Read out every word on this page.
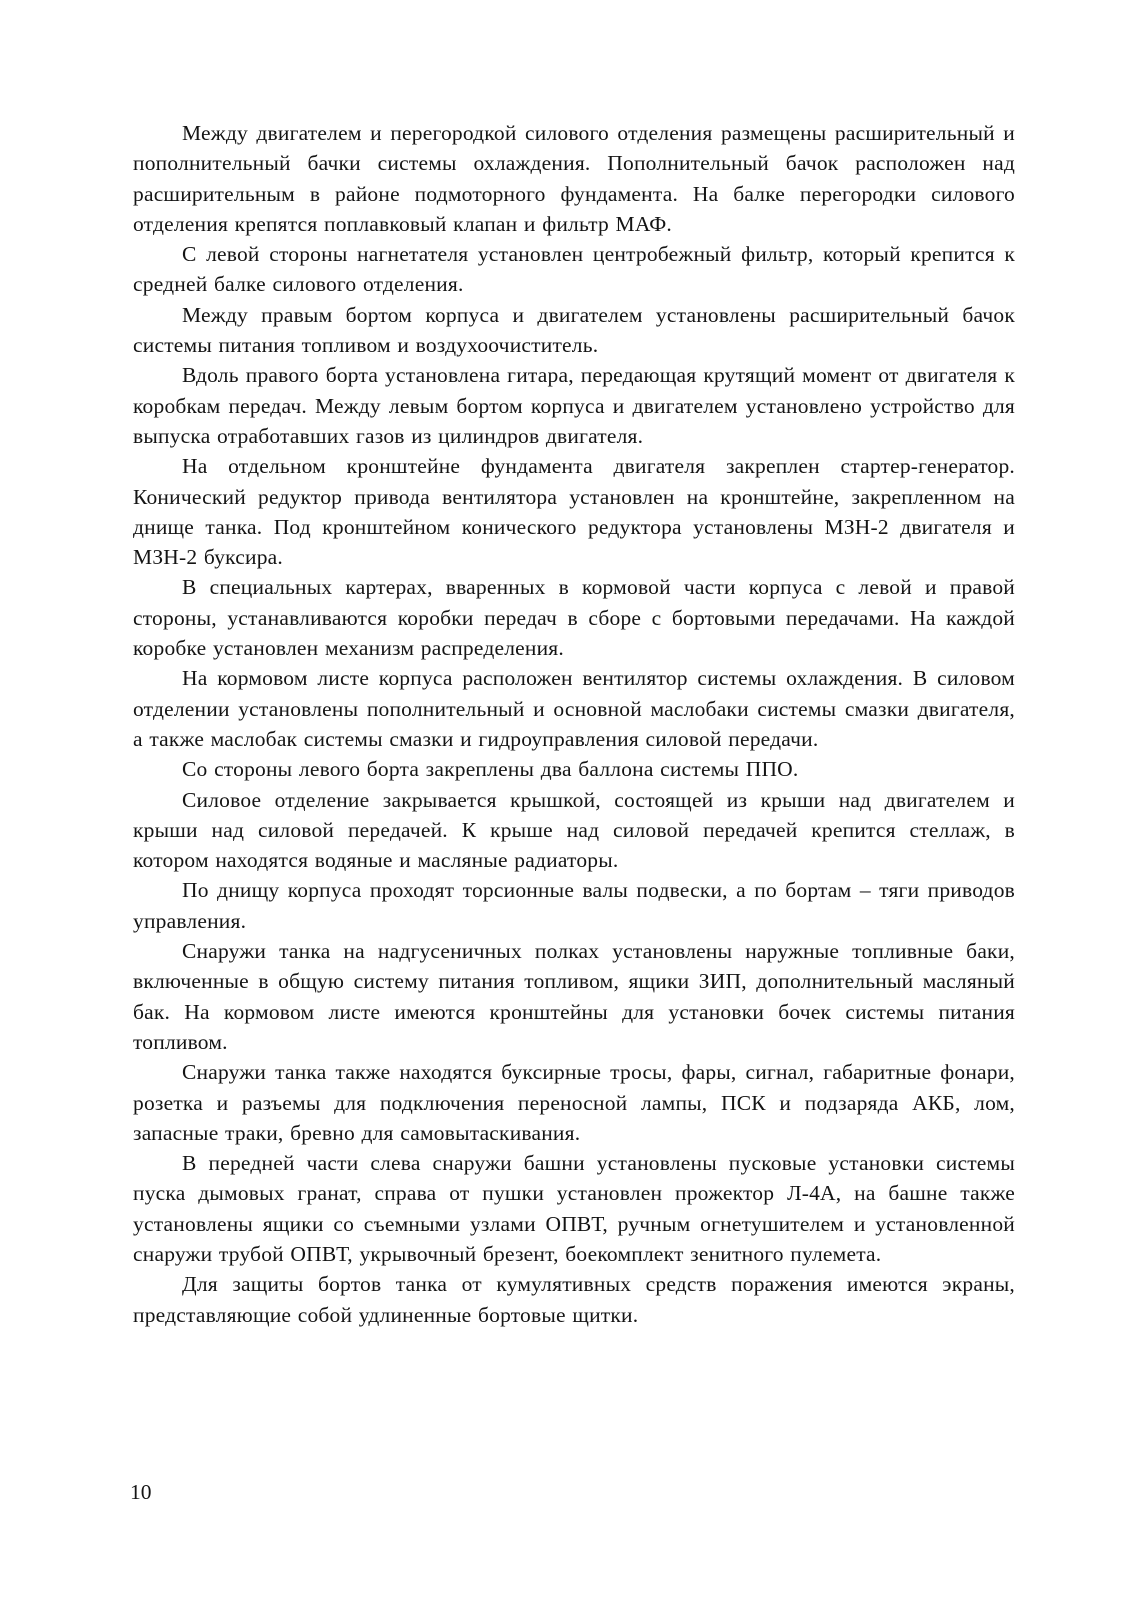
Между двигателем и перегородкой силового отделения размещены расширительный и пополнительный бачки системы охлаждения. Пополнительный бачок расположен над расширительным в районе подмоторного фундамента. На балке перегородки силового отделения крепятся поплавковый клапан и фильтр МАФ.

С левой стороны нагнетателя установлен центробежный фильтр, который крепится к средней балке силового отделения.

Между правым бортом корпуса и двигателем установлены расширительный бачок системы питания топливом и воздухоочиститель.

Вдоль правого борта установлена гитара, передающая крутящий момент от двигателя к коробкам передач. Между левым бортом корпуса и двигателем установлено устройство для выпуска отработавших газов из цилиндров двигателя.

На отдельном кронштейне фундамента двигателя закреплен стартер-генератор. Конический редуктор привода вентилятора установлен на кронштейне, закрепленном на днище танка. Под кронштейном конического редуктора установлены МЗН-2 двигателя и МЗН-2 буксира.

В специальных картерах, вваренных в кормовой части корпуса с левой и правой стороны, устанавливаются коробки передач в сборе с бортовыми передачами. На каждой коробке установлен механизм распределения.

На кормовом листе корпуса расположен вентилятор системы охлаждения. В силовом отделении установлены пополнительный и основной маслобаки системы смазки двигателя, а также маслобак системы смазки и гидроуправления силовой передачи.

Со стороны левого борта закреплены два баллона системы ППО.

Силовое отделение закрывается крышкой, состоящей из крыши над двигателем и крыши над силовой передачей. К крыше над силовой передачей крепится стеллаж, в котором находятся водяные и масляные радиаторы.

По днищу корпуса проходят торсионные валы подвески, а по бортам – тяги приводов управления.

Снаружи танка на надгусеничных полках установлены наружные топливные баки, включенные в общую систему питания топливом, ящики ЗИП, дополнительный масляный бак. На кормовом листе имеются кронштейны для установки бочек системы питания топливом.

Снаружи танка также находятся буксирные тросы, фары, сигнал, габаритные фонари, розетка и разъемы для подключения переносной лампы, ПСК и подзаряда АКБ, лом, запасные траки, бревно для самовытаскивания.

В передней части слева снаружи башни установлены пусковые установки системы пуска дымовых гранат, справа от пушки установлен прожектор Л-4А, на башне также установлены ящики со съемными узлами ОПВТ, ручным огнетушителем и установленной снаружи трубой ОПВТ, укрывочный брезент, боекомплект зенитного пулемета.

Для защиты бортов танка от кумулятивных средств поражения имеются экраны, представляющие собой удлиненные бортовые щитки.

10
